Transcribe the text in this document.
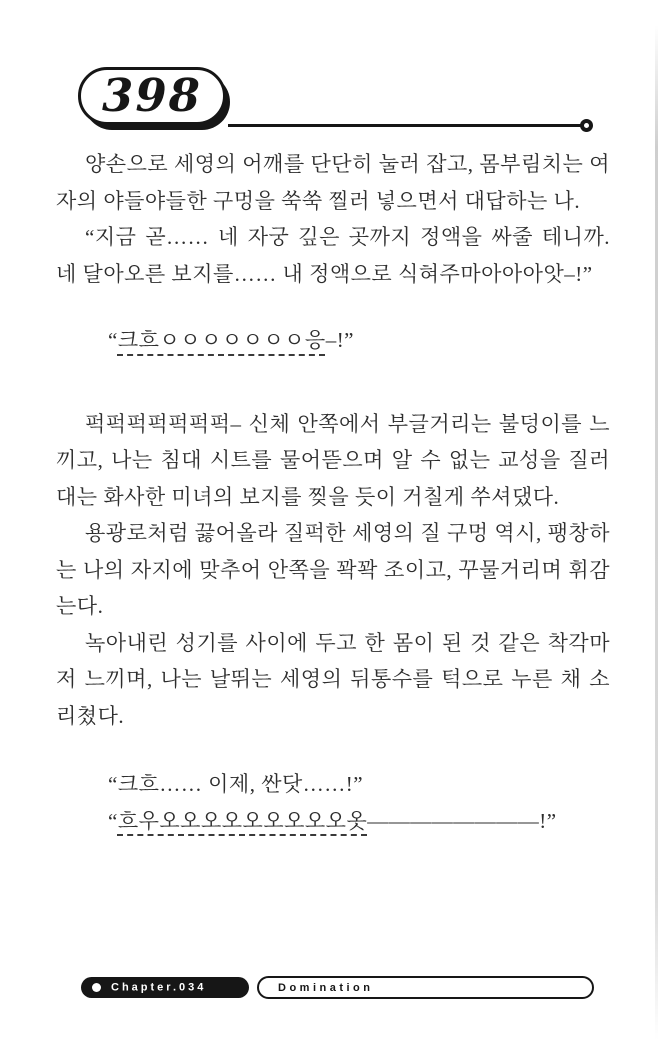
398

양손으로 세영의 어깨를 단단히 눌러 잡고, 몸부림치는 여자의 야들야들한 구멍을 쑥쑥 찔러 넣으면서 대답하는 나.

“지금 곧…… 네 자궁 깊은 곳까지 정액을 싸줄 테니까. 네 달아오른 보지를…… 내 정액으로 식혀주마아아아앗–!”

“크흐ㅇㅇㅇㅇㅇㅇㅇ응–!”

퍽퍽퍽퍽퍽퍽퍽– 신체 안쪽에서 부글거리는 불덩이를 느끼고, 나는 침대 시트를 물어뜯으며 알 수 없는 교성을 질러대는 화사한 미녀의 보지를 찢을 듯이 거칠게 쑤셔댔다.

용광로처럼 끓어올라 질퍽한 세영의 질 구멍 역시, 팽창하는 나의 자지에 맞추어 안쪽을 꽉꽉 조이고, 꾸물거리며 휘감는다.

녹아내린 성기를 사이에 두고 한 몸이 된 것 같은 착각마저 느끼며, 나는 날뛰는 세영의 뒤통수를 턱으로 누른 채 소리쳤다.

“크흐…… 이제, 싼닷……!”

“흐우오오오오오오오오오옷————————!”

Chapter.034	Domination
